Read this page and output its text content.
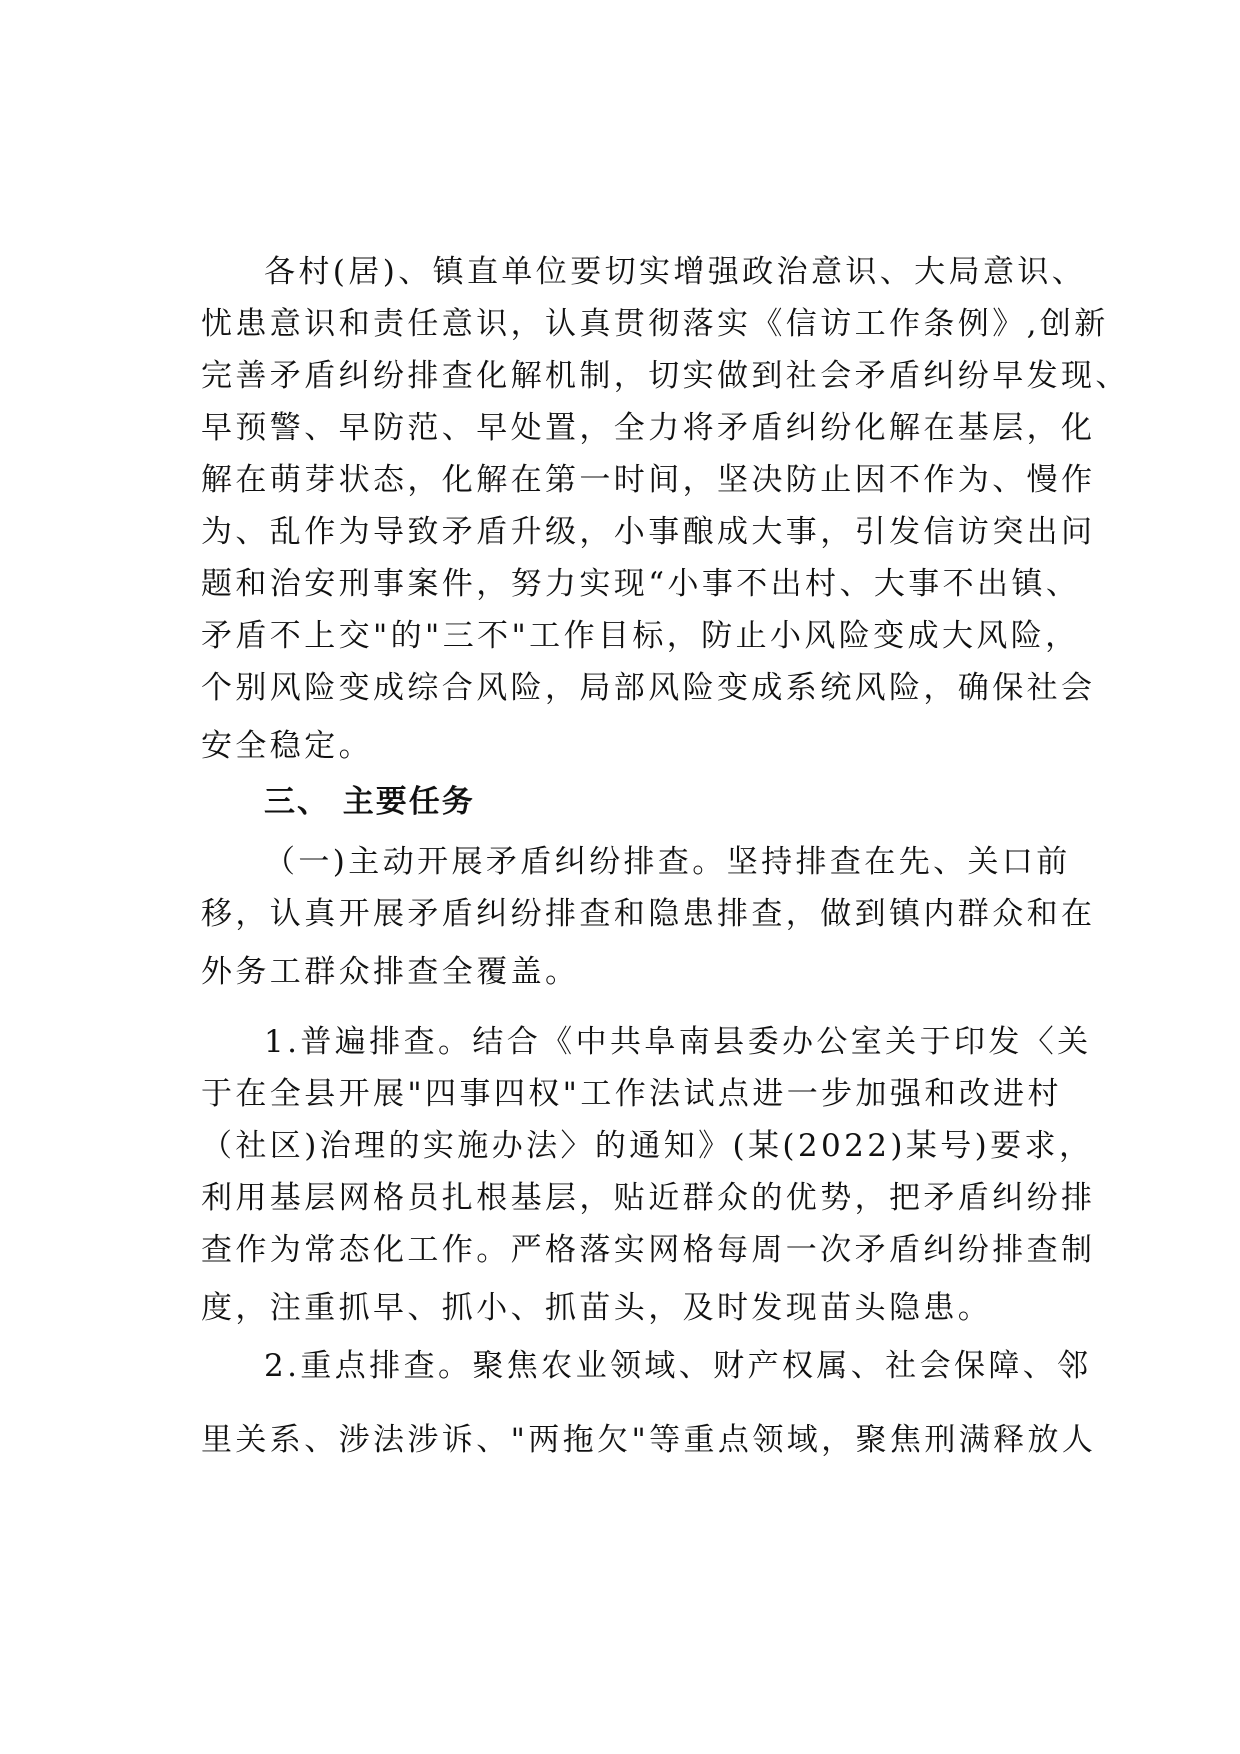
各村(居)、镇直单位要切实增强政治意识、大局意识、
忧患意识和责任意识，认真贯彻落实《信访工作条例》,创新
完善矛盾纠纷排查化解机制，切实做到社会矛盾纠纷早发现、
早预警、早防范、早处置，全力将矛盾纠纷化解在基层，化
解在萌芽状态，化解在第一时间，坚决防止因不作为、慢作
为、乱作为导致矛盾升级，小事酿成大事，引发信访突出问
题和治安刑事案件，努力实现“小事不出村、大事不出镇、
矛盾不上交"的"三不"工作目标，防止小风险变成大风险，
个别风险变成综合风险，局部风险变成系统风险，确保社会
安全稳定。
三、 主要任务
（一)主动开展矛盾纠纷排查。坚持排查在先、关口前
移，认真开展矛盾纠纷排查和隐患排查，做到镇内群众和在
外务工群众排查全覆盖。
1.普遍排查。结合《中共阜南县委办公室关于印发〈关
于在全县开展"四事四权"工作法试点进一步加强和改进村
（社区)治理的实施办法〉的通知》(某(2022)某号)要求，
利用基层网格员扎根基层，贴近群众的优势，把矛盾纠纷排
查作为常态化工作。严格落实网格每周一次矛盾纠纷排查制
度，注重抓早、抓小、抓苗头，及时发现苗头隐患。
2.重点排查。聚焦农业领域、财产权属、社会保障、邻
里关系、涉法涉诉、"两拖欠"等重点领域，聚焦刑满释放人
